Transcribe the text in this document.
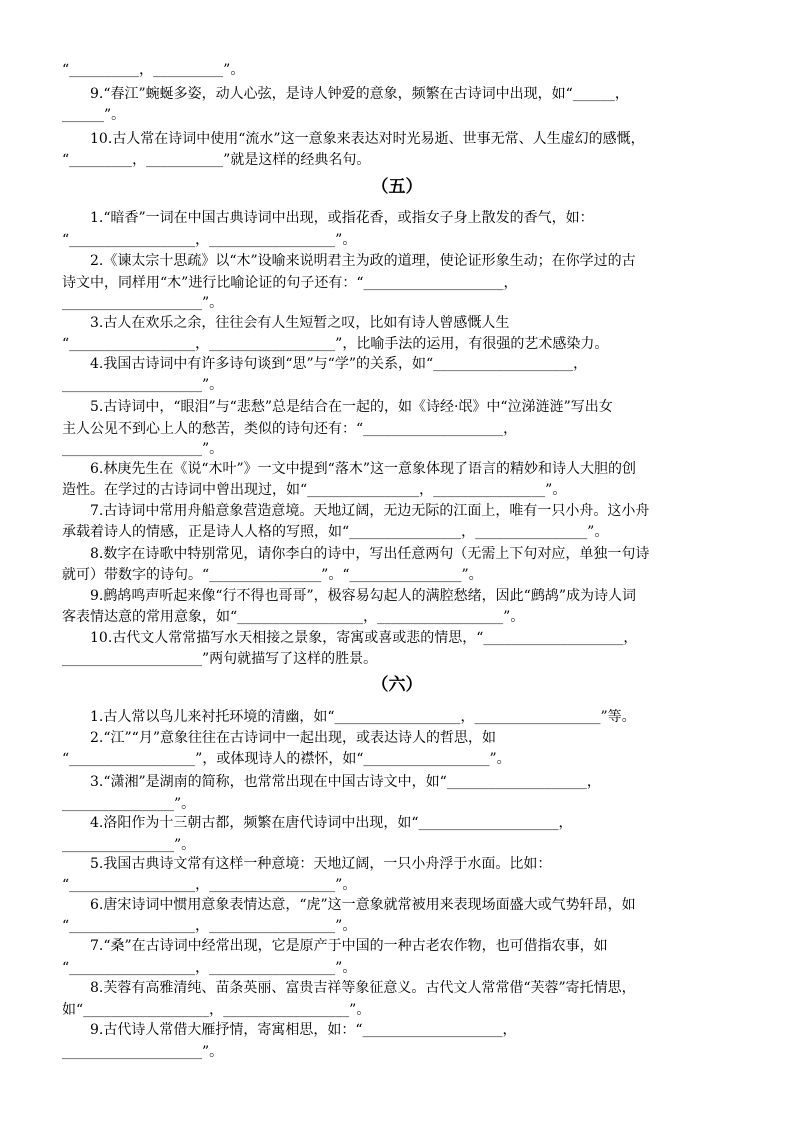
“__________，__________”。
9.“春江”蜿蜒多姿，动人心弦，是诗人钟爱的意象，频繁在古诗词中出现，如“______，
______”。
10.古人常在诗词中使用“流水”这一意象来表达对时光易逝、世事无常、人生虚幻的感慨，
“_________，___________”就是这样的经典名句。
（五）
1.“暗香”一词在中国古典诗词中出现，或指花香，或指女子身上散发的香气，如：
“__________________，__________________”。
2.《谏太宗十思疏》以“木”设喻来说明君主为政的道理，使论证形象生动；在你学过的古
诗文中，同样用“木”进行比喻论证的句子还有：“____________________，
____________________”。
3.古人在欢乐之余，往往会有人生短暂之叹，比如有诗人曾感慨人生
“__________________，__________________”，比喻手法的运用，有很强的艺术感染力。
4.我国古诗词中有许多诗句谈到“思”与“学”的关系，如“____________________，
____________________”。
5.古诗词中，“眼泪”与“悲愁”总是结合在一起的，如《诗经·氓》中“泣涕涟涟”写出女
主人公见不到心上人的愁苦，类似的诗句还有：“____________________，
____________________”。
6.林庚先生在《说“木叶”》一文中提到“落木”这一意象体现了语言的精妙和诗人大胆的创
造性。在学过的古诗词中曾出现过，如“________________，________________”。
7.古诗词中常用舟船意象营造意境。天地辽阔，无边无际的江面上，唯有一只小舟。这小舟
承载着诗人的情感，正是诗人人格的写照，如“________________，________________”。
8.数字在诗歌中特别常见，请你李白的诗中，写出任意两句（无需上下句对应，单独一句诗
就可）带数字的诗句。“________________”。“________________”。
9.鹧鸪鸣声听起来像“行不得也哥哥”，极容易勾起人的满腔愁绪，因此“鹧鸪”成为诗人词
客表情达意的常用意象，如“__________________，__________________”。
10.古代文人常常描写水天相接之景象，寄寓或喜或悲的情思，“____________________，
____________________”两句就描写了这样的胜景。
（六）
1.古人常以鸟儿来衬托环境的清幽，如“__________________，__________________”等。
2.“江”“月”意象往往在古诗词中一起出现，或表达诗人的哲思，如
“__________________”，或体现诗人的襟怀，如“__________________”。
3.“潇湘”是湖南的简称，也常常出现在中国古诗文中，如“____________________，
________________”。
4.洛阳作为十三朝古都，频繁在唐代诗词中出现，如“____________________，
________________”。
5.我国古典诗文常有这样一种意境：天地辽阔，一只小舟浮于水面。比如：
“__________________，__________________”。
6.唐宋诗词中惯用意象表情达意，“虎”这一意象就常被用来表现场面盛大或气势轩昂，如
“__________________，__________________”。
7.“桑”在古诗词中经常出现，它是原产于中国的一种古老农作物，也可借指农事，如
“__________________，__________________”。
8.芙蓉有高雅清纯、苗条英丽、富贵吉祥等象征意义。古代文人常常借“芙蓉”寄托情思，
如“__________________，__________________”。
9.古代诗人常借大雁抒情，寄寓相思，如：“____________________，
____________________”。
